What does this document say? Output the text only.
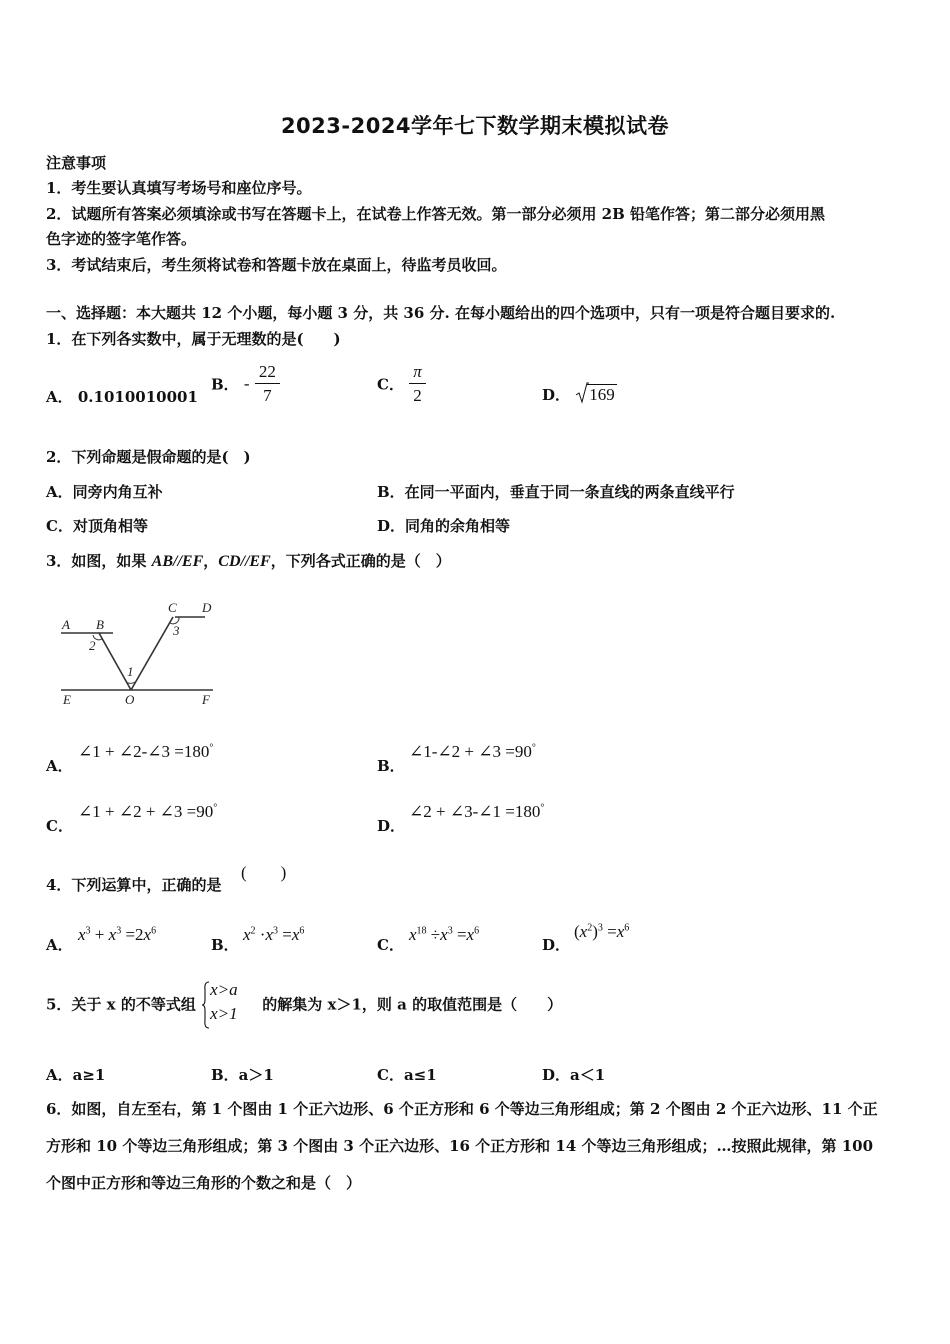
2023-2024学年七下数学期末模拟试卷
注意事项
1．考生要认真填写考场号和座位序号。
2．试题所有答案必须填涂或书写在答题卡上，在试卷上作答无效。第一部分必须用 2B 铅笔作答；第二部分必须用黑
色字迹的签字笔作答。
3．考试结束后，考生须将试卷和答题卡放在桌面上，待监考员收回。
一、选择题：本大题共 12 个小题，每小题 3 分，共 36 分. 在每小题给出的四个选项中，只有一项是符合题目要求的.
1．在下列各实数中，属于无理数的是(　　)
A． 0.1010010001
B． - $\frac{22}{7}$	C． $\frac{\pi}{2}$	D． 169
2．下列命题是假命题的是(　)
A．同旁内角互补	B．在同一平面内，垂直于同一条直线的两条直线平行
C．对顶角相等	D．同角的余角相等
3．如图，如果 AB//EF，CD//EF，下列各式正确的是（　）
A B
C D
E	O	F
1
2
3
A．
∠1 + ∠2-∠3 =180°
B．
∠1-∠2 + ∠3 =90°
C．
∠1 + ∠2 + ∠3 =90°
D．
∠2 + ∠3-∠1 =180°
4．下列运算中，正确的是
(　　)
A．
$x^3 + x^3 =2x^6$
B．
$x^2 \cdot x^3 =x^6$
C．
$x^{18} \div x^3 =x^6$
D．
$(x^2)^3 =x^6$
5．关于 x 的不等式组
x>a
x>1 的解集为 x＞1，则 a 的取值范围是（　　）
A．a≥1	B．a＞1	C．a≤1	D．a＜1
6．如图，自左至右，第 1 个图由 1 个正六边形、6 个正方形和 6 个等边三角形组成；第 2 个图由 2 个正六边形、11 个正
方形和 10 个等边三角形组成；第 3 个图由 3 个正六边形、16 个正方形和 14 个等边三角形组成；…按照此规律，第 100
个图中正方形和等边三角形的个数之和是（　）
